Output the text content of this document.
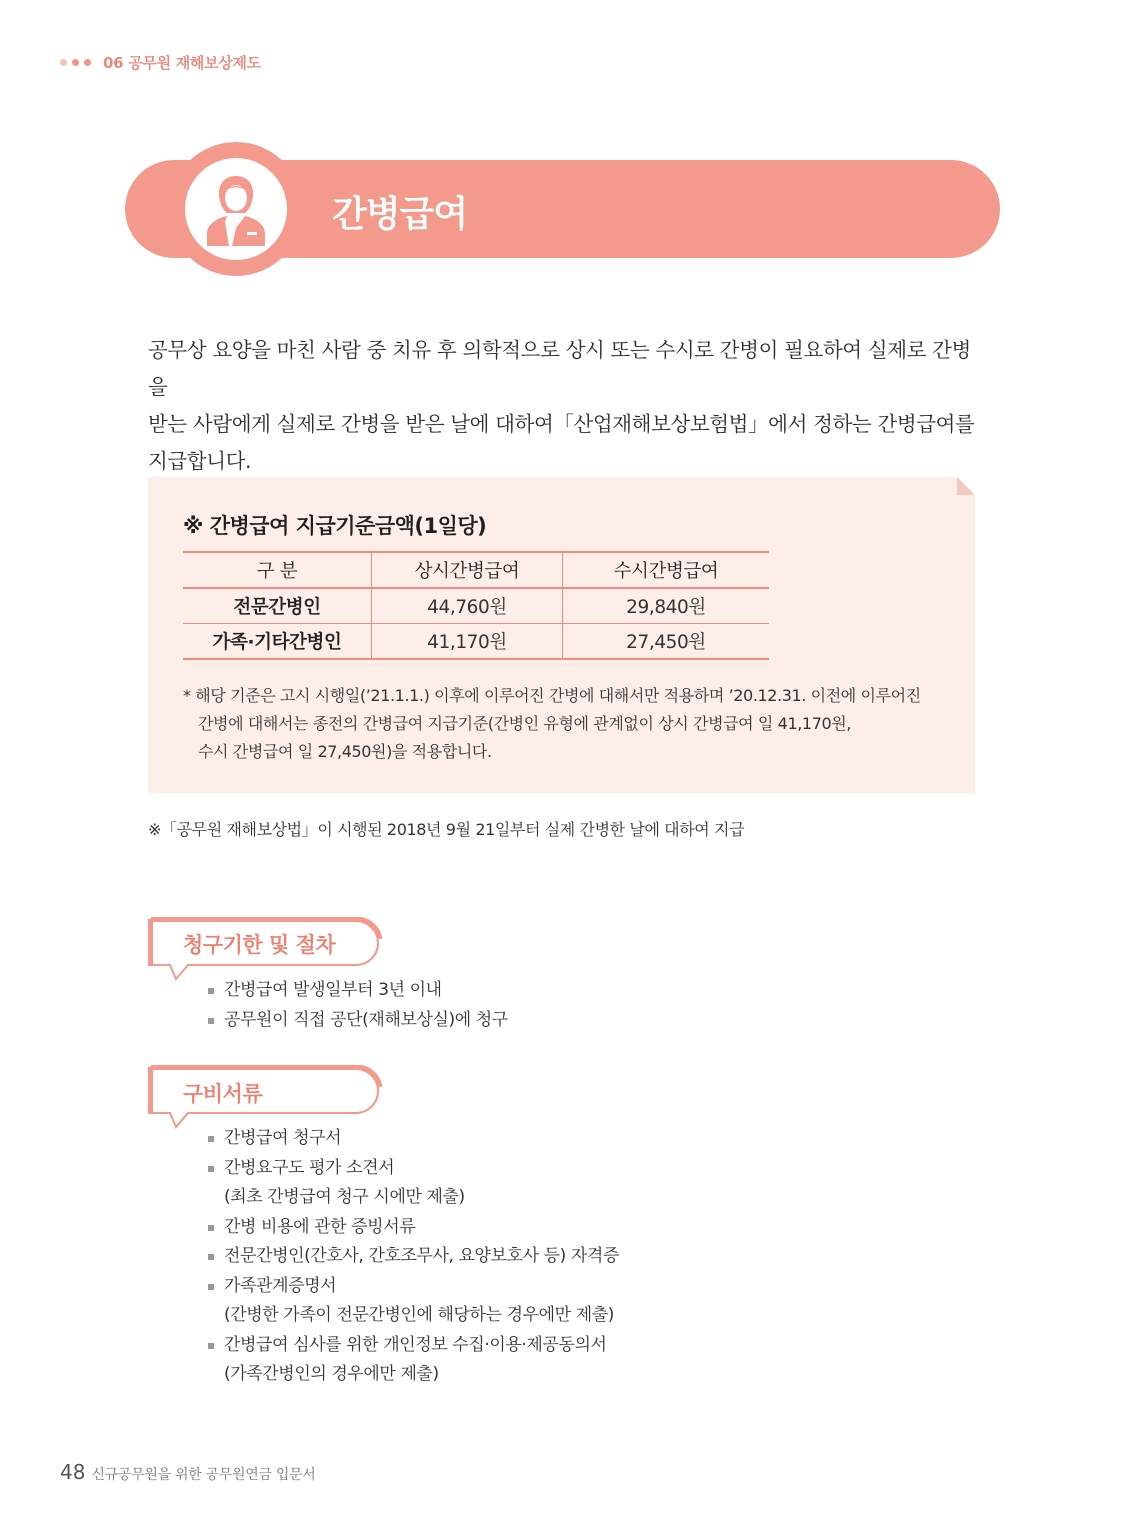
06 공무원 재해보상제도
간병급여
공무상 요양을 마친 사람 중 치유 후 의학적으로 상시 또는 수시로 간병이 필요하여 실제로 간병을
받는 사람에게 실제로 간병을 받은 날에 대하여「산업재해보상보험법」에서 정하는 간병급여를
지급합니다.
※ 간병급여 지급기준금액(1일당)
구 분	상시간병급여	수시간병급여
전문간병인	44,760원	29,840원
가족·기타간병인	41,170원	27,450원
* 해당 기준은 고시 시행일(’21.1.1.) 이후에 이루어진 간병에 대해서만 적용하며 ’20.12.31. 이전에 이루어진
간병에 대해서는 종전의 간병급여 지급기준(간병인 유형에 관계없이 상시 간병급여 일 41,170원,
수시 간병급여 일 27,450원)을 적용합니다.
※「공무원 재해보상법」이 시행된 2018년 9월 21일부터 실제 간병한 날에 대하여 지급
청구기한 및 절차
간병급여 발생일부터 3년 이내
공무원이 직접 공단(재해보상실)에 청구
구비서류
간병급여 청구서
간병요구도 평가 소견서
(최초 간병급여 청구 시에만 제출)
간병 비용에 관한 증빙서류
전문간병인(간호사, 간호조무사, 요양보호사 등) 자격증
가족관계증명서
(간병한 가족이 전문간병인에 해당하는 경우에만 제출)
간병급여 심사를 위한 개인정보 수집·이용·제공동의서
(가족간병인의 경우에만 제출)
48 신규공무원을 위한 공무원연금 입문서
